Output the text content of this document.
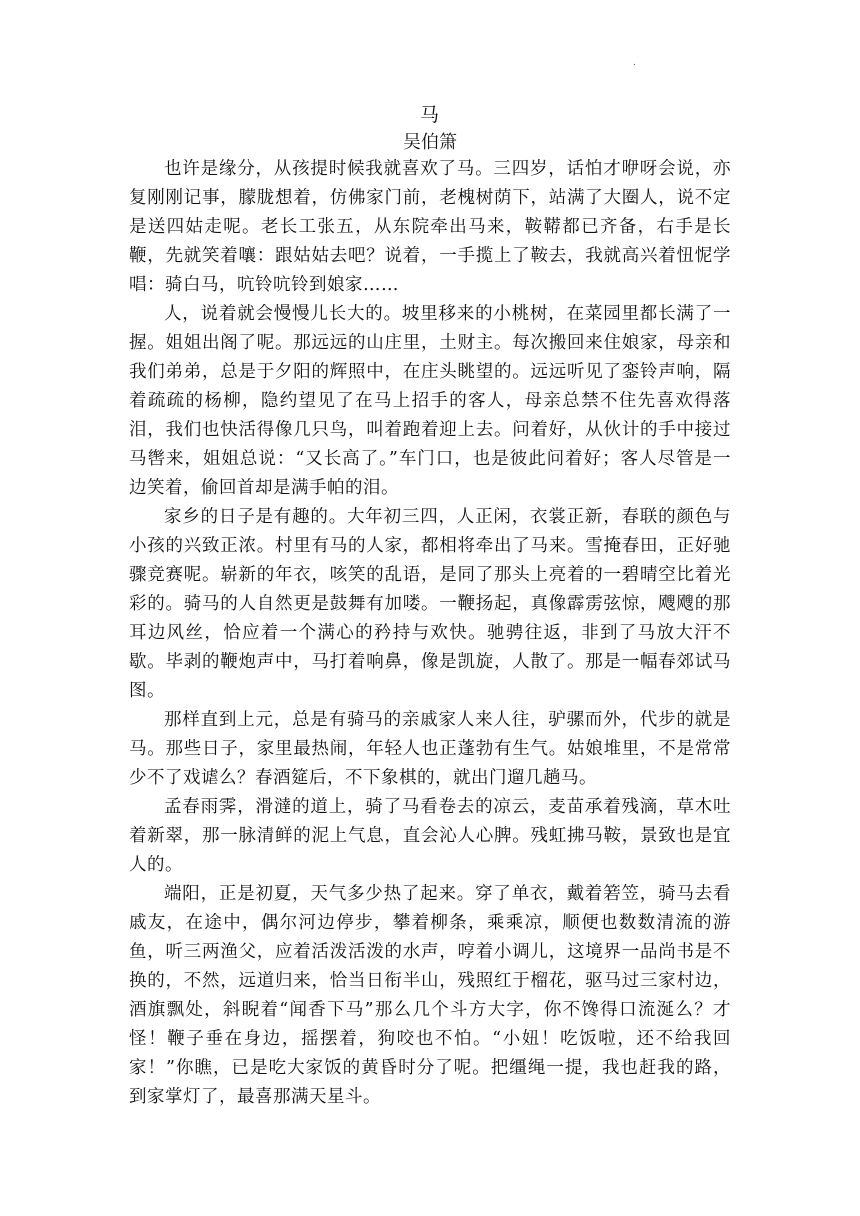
.
马
吴伯箫

也许是缘分，从孩提时候我就喜欢了马。三四岁，话怕才咿呀会说，亦复刚刚记事，朦胧想着，仿佛家门前，老槐树荫下，站满了大圈人，说不定是送四姑走呢。老长工张五，从东院牵出马来，鞍鞯都已齐备，右手是长鞭，先就笑着嚷：跟姑姑去吧？说着，一手揽上了鞍去，我就高兴着忸怩学唱：骑白马，吭铃吭铃到娘家……

人，说着就会慢慢儿长大的。坡里移来的小桃树，在菜园里都长满了一握。姐姐出阁了呢。那远远的山庄里，土财主。每次搬回来住娘家，母亲和我们弟弟，总是于夕阳的辉照中，在庄头眺望的。远远听见了銮铃声响，隔着疏疏的杨柳，隐约望见了在马上招手的客人，母亲总禁不住先喜欢得落泪，我们也快活得像几只鸟，叫着跑着迎上去。问着好，从伙计的手中接过马辔来，姐姐总说：“又长高了。”车门口，也是彼此问着好；客人尽管是一边笑着，偷回首却是满手帕的泪。

家乡的日子是有趣的。大年初三四，人正闲，衣裳正新，春联的颜色与小孩的兴致正浓。村里有马的人家，都相将牵出了马来。雪掩春田，正好驰骤竞赛呢。崭新的年衣，咳笑的乱语，是同了那头上亮着的一碧晴空比着光彩的。骑马的人自然更是鼓舞有加喽。一鞭扬起，真像霹雳弦惊，飕飕的那耳边风丝，恰应着一个满心的矜持与欢快。驰骋往返，非到了马放大汗不歇。毕剥的鞭炮声中，马打着响鼻，像是凯旋，人散了。那是一幅春郊试马图。

那样直到上元，总是有骑马的亲戚家人来人往，驴骡而外，代步的就是马。那些日子，家里最热闹，年轻人也正蓬勃有生气。姑娘堆里，不是常常少不了戏谑么？春酒筵后，不下象棋的，就出门遛几趟马。

孟春雨霁，滑澾的道上，骑了马看卷去的凉云，麦苗承着残滴，草木吐着新翠，那一脉清鲜的泥上气息，直会沁人心脾。残虹拂马鞍，景致也是宜人的。

端阳，正是初夏，天气多少热了起来。穿了单衣，戴着箬笠，骑马去看戚友，在途中，偶尔河边停步，攀着柳条，乘乘凉，顺便也数数清流的游鱼，听三两渔父，应着活泼活泼的水声，哼着小调儿，这境界一品尚书是不换的，不然，远道归来，恰当日衔半山，残照红于榴花，驱马过三家村边，酒旗飘处，斜睨着“闻香下马”那么几个斗方大字，你不馋得口流涎么？才怪！鞭子垂在身边，摇摆着，狗咬也不怕。“小妞！吃饭啦，还不给我回家！”你瞧，已是吃大家饭的黄昏时分了呢。把缰绳一提，我也赶我的路，到家掌灯了，最喜那满天星斗。
